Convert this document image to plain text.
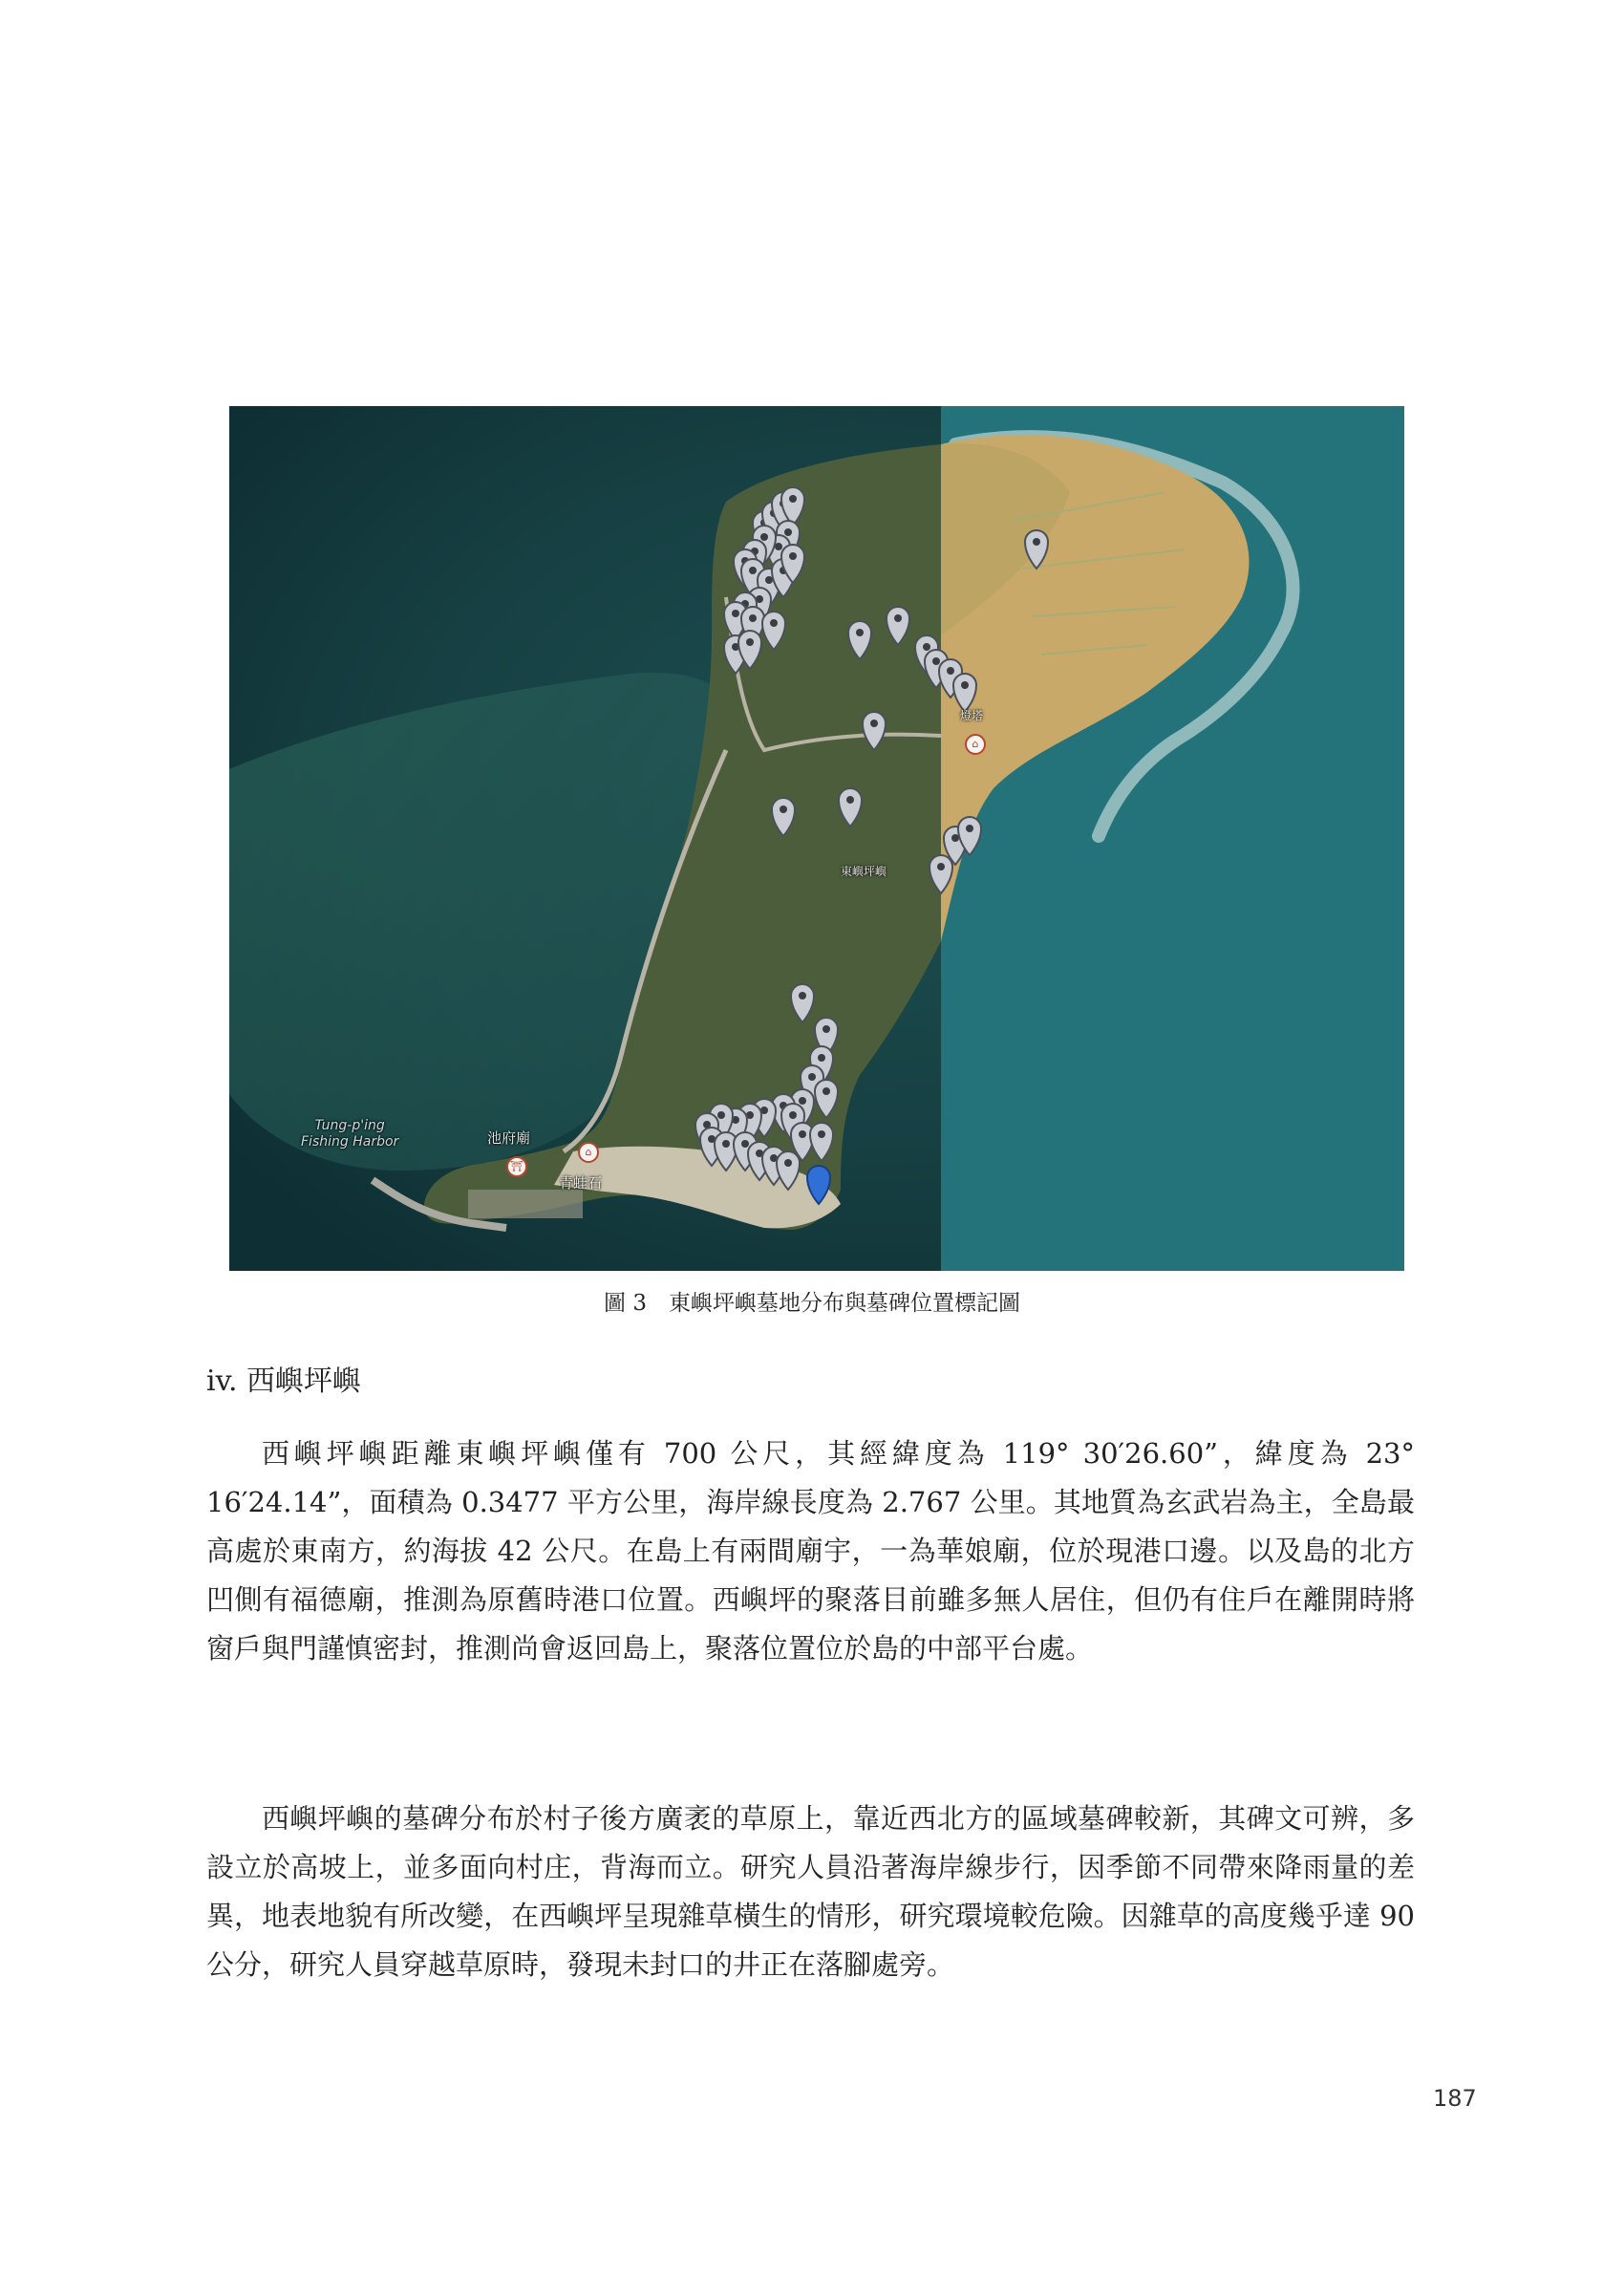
燈塔
⌂
東嶼坪嶼
池府廟
⛩
⌂
青蛙石
Tung-p'ing
Fishing Harbor
圖 3　東嶼坪嶼墓地分布與墓碑位置標記圖
iv. 西嶼坪嶼

西嶼坪嶼距離東嶼坪嶼僅有 700 公尺，其經緯度為 119° 30′26.60”，緯度為 23° 16′24.14”，面積為 0.3477 平方公里，海岸線長度為 2.767 公里。其地質為玄武岩為主，全島最高處於東南方，約海拔 42 公尺。在島上有兩間廟宇，一為華娘廟，位於現港口邊。以及島的北方凹側有福德廟，推測為原舊時港口位置。西嶼坪的聚落目前雖多無人居住，但仍有住戶在離開時將窗戶與門謹慎密封，推測尚會返回島上，聚落位置位於島的中部平台處。

西嶼坪嶼的墓碑分布於村子後方廣袤的草原上，靠近西北方的區域墓碑較新，其碑文可辨，多設立於高坡上，並多面向村庄，背海而立。研究人員沿著海岸線步行，因季節不同帶來降雨量的差異，地表地貌有所改變，在西嶼坪呈現雜草橫生的情形，研究環境較危險。因雜草的高度幾乎達 90 公分，研究人員穿越草原時，發現未封口的井正在落腳處旁。

187
